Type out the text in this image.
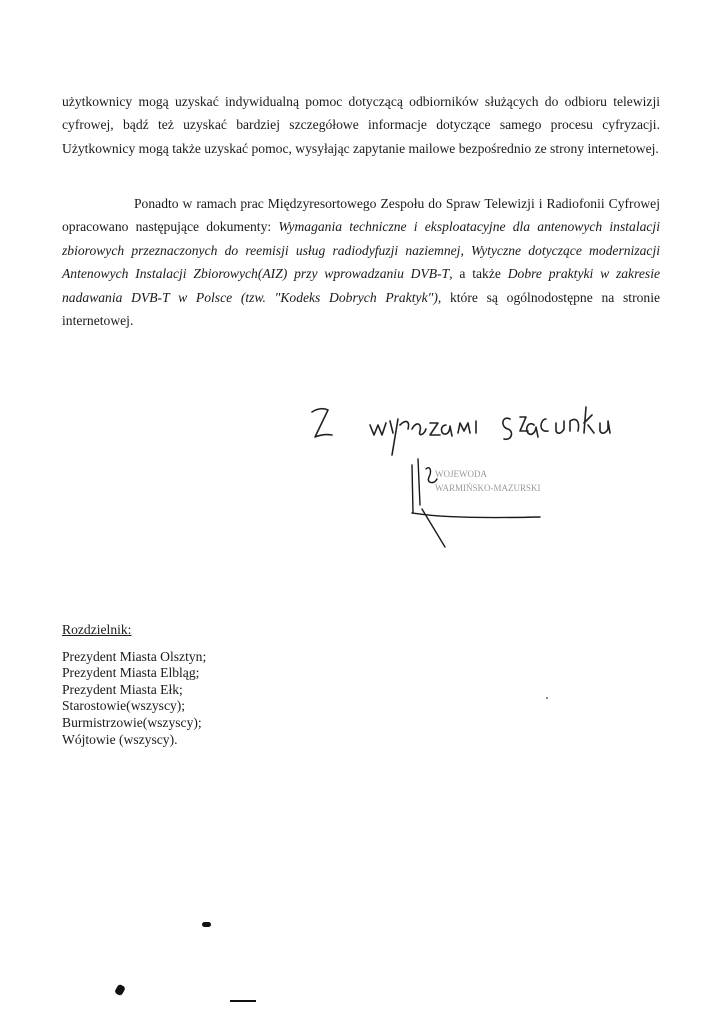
użytkownicy mogą uzyskać indywidualną pomoc dotyczącą odbiorników służących do odbioru telewizji cyfrowej, bądź też uzyskać bardziej szczegółowe informacje dotyczące samego procesu cyfryzacji. Użytkownicy mogą także uzyskać pomoc, wysyłając zapytanie mailowe bezpośrednio ze strony internetowej.

Ponadto w ramach prac Międzyresortowego Zespołu do Spraw Telewizji i Radiofonii Cyfrowej opracowano następujące dokumenty: Wymagania techniczne i eksploatacyjne dla antenowych instalacji zbiorowych przeznaczonych do reemisji usług radiodyfuzji naziemnej, Wytyczne dotyczące modernizacji Antenowych Instalacji Zbiorowych(AIZ) przy wprowadzaniu DVB-T, a także Dobre praktyki w zakresie nadawania DVB-T w Polsce (tzw. "Kodeks Dobrych Praktyk"), które są ogólnodostępne na stronie internetowej.

WOJEWODA
WARMIŃSKO-MAZURSKI
Rozdzielnik:
Prezydent Miasta Olsztyn;
Prezydent Miasta Elbląg;
Prezydent Miasta Ełk;
Starostowie(wszyscy);
Burmistrzowie(wszyscy);
Wójtowie (wszyscy).
